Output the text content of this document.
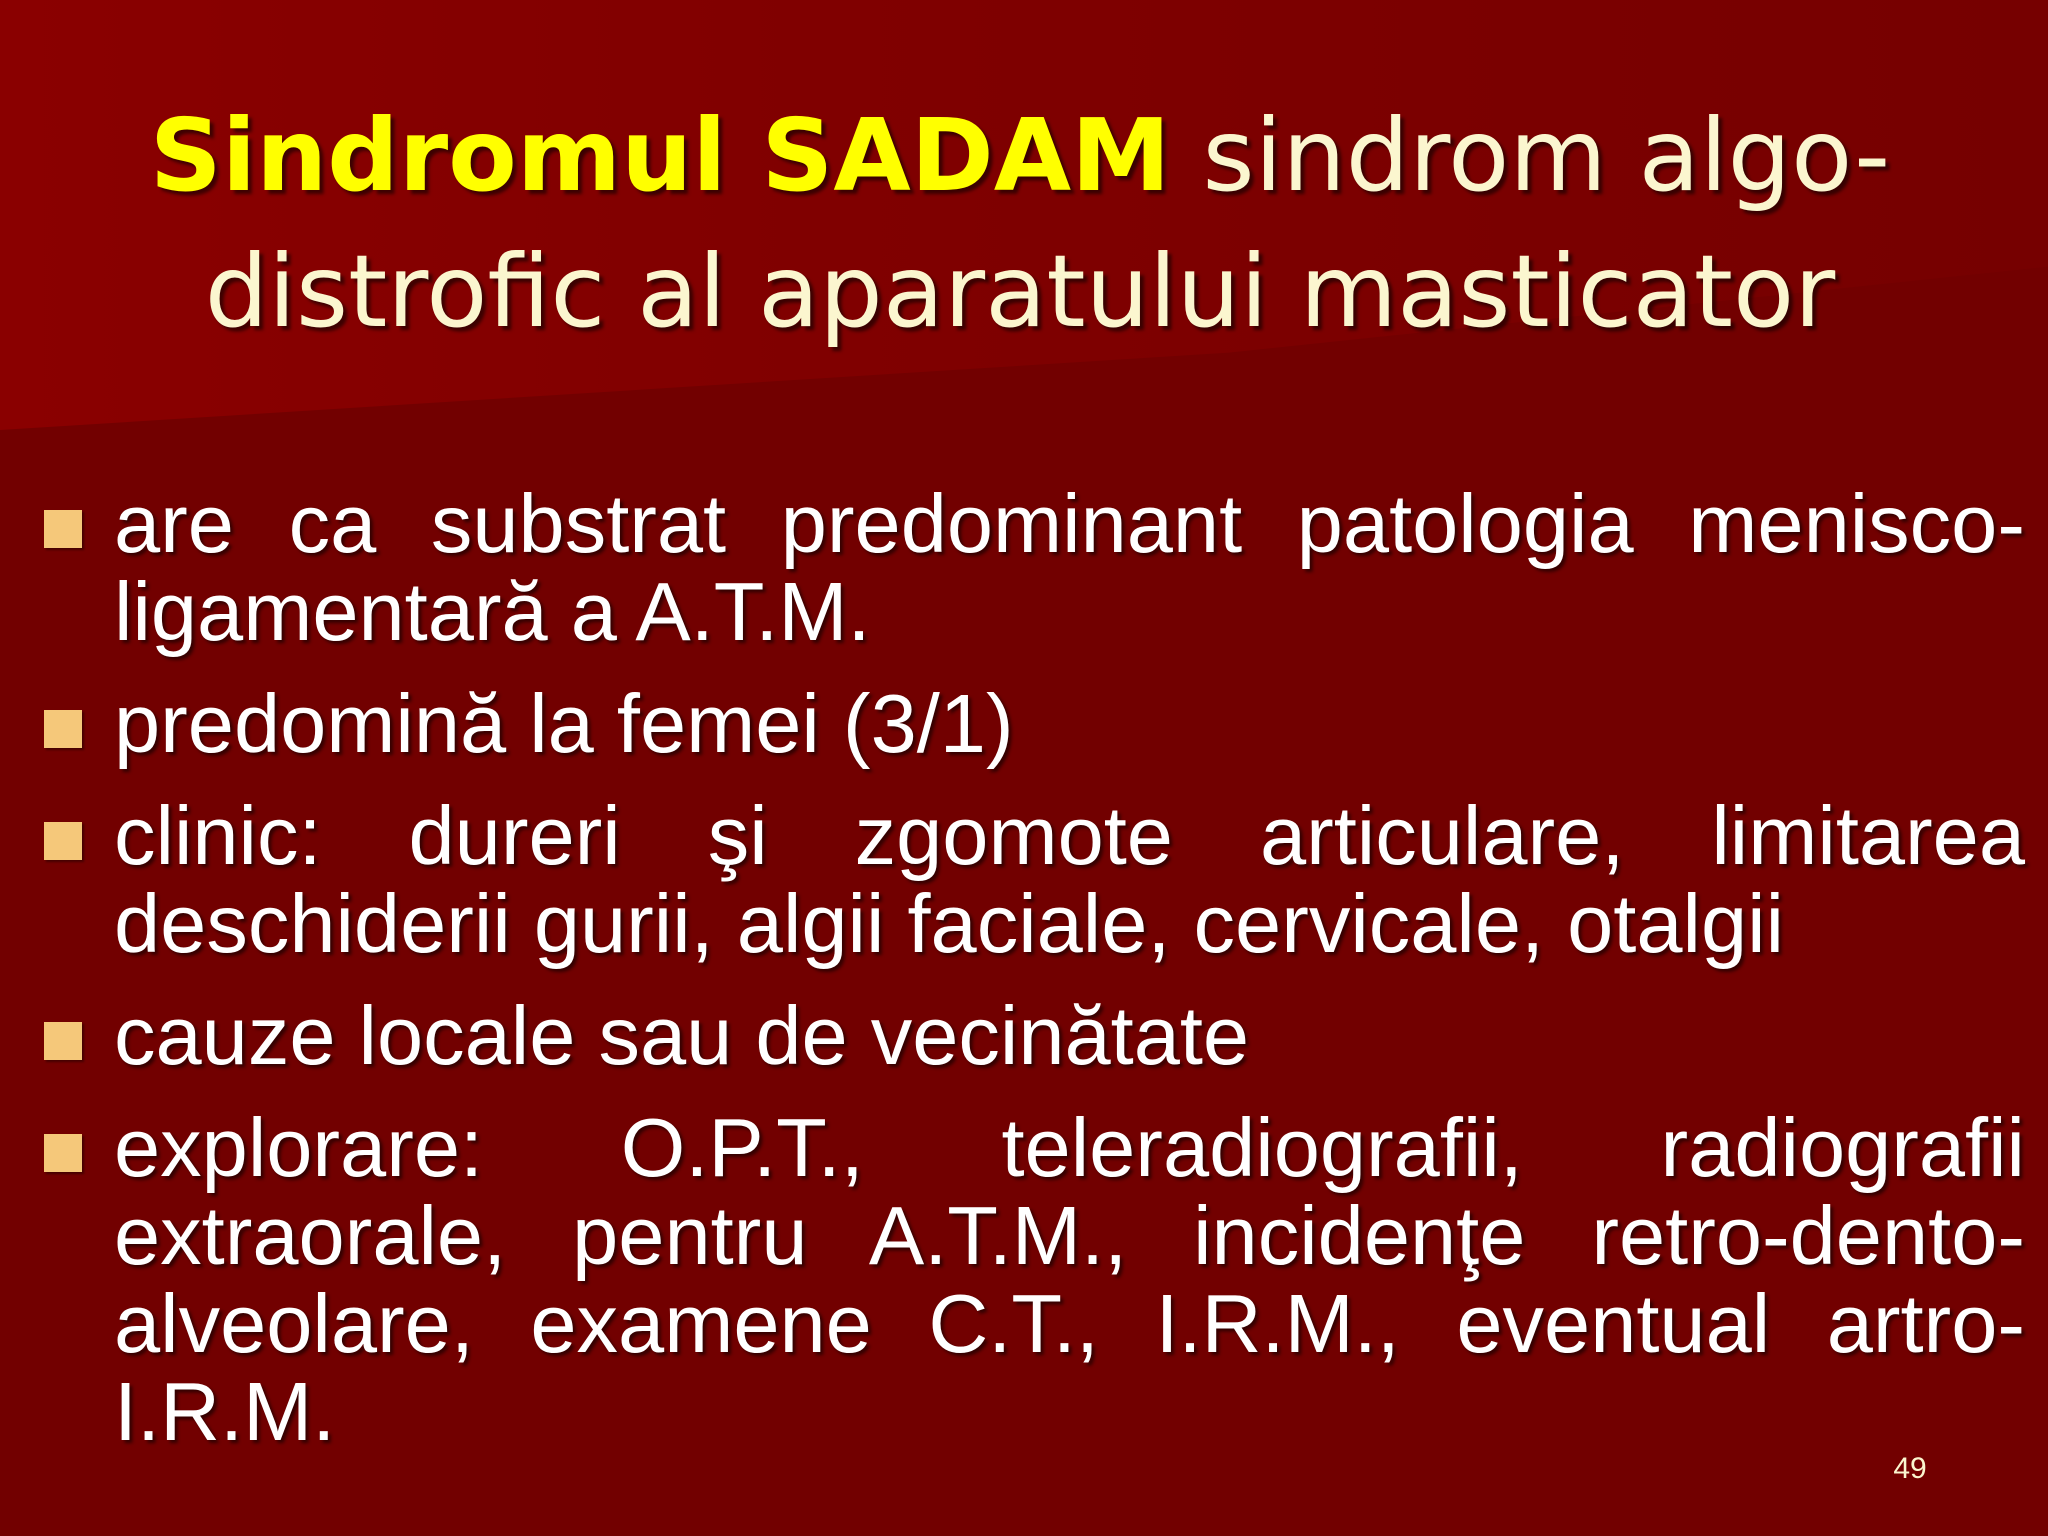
Sindromul SADAM sindrom algo-distrofic al aparatului masticator
are ca substrat predominant patologia menisco-ligamentară a A.T.M.
predomină la femei (3/1)
clinic: dureri şi zgomote articulare, limitarea deschiderii gurii, algii faciale, cervicale, otalgii
cauze locale sau de vecinătate
explorare: O.P.T., teleradiografii, radiografii extraorale, pentru A.T.M., incidenţe retro-dento-alveolare, examene C.T., I.R.M., eventual artro-I.R.M.
49
